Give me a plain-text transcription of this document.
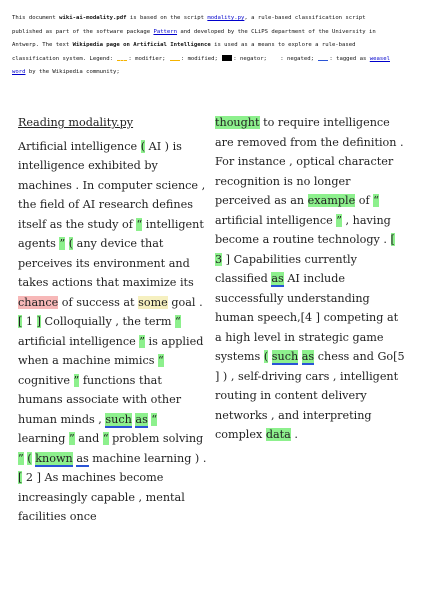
This document wiki-ai-modality.pdf is based on the script modality.py, a rule-based classification script
published as part of the software package Pattern and developed by the CLiPS department of the University in
Antwerp. The text Wikipedia page on Artificial Intelligence is used as a means to explore a rule-based
classification system. Legend: : modifier; : modified; : negator; : negated; : tagged as weasel
word by the Wikipedia community;
Reading modality.py
Artificial intelligence ( AI ) is intelligence exhibited by machines . In computer science , the field of AI research defines itself as the study of “ intelligent agents ” ( any device that perceives its environment and takes actions that maximize its chance of success at some goal . [ 1 ] Colloquially , the term “ artificial intelligence ” is applied when a machine mimics “ cognitive ” functions that humans associate with other human minds , such as “ learning ” and “ problem solving ” ( known as machine learning ) . [ 2 ] As machines become increasingly capable , mental facilities once
thought to require intelligence are removed from the definition . For instance , optical character recognition is no longer perceived as an example of “ artificial intelligence ” , having become a routine technology . [ 3 ] Capabilities currently classified as AI include successfully understanding human speech,[4 ] competing at a high level in strategic game systems ( such as chess and Go[5 ] ) , self-driving cars , intelligent routing in content delivery networks , and interpreting complex data .
